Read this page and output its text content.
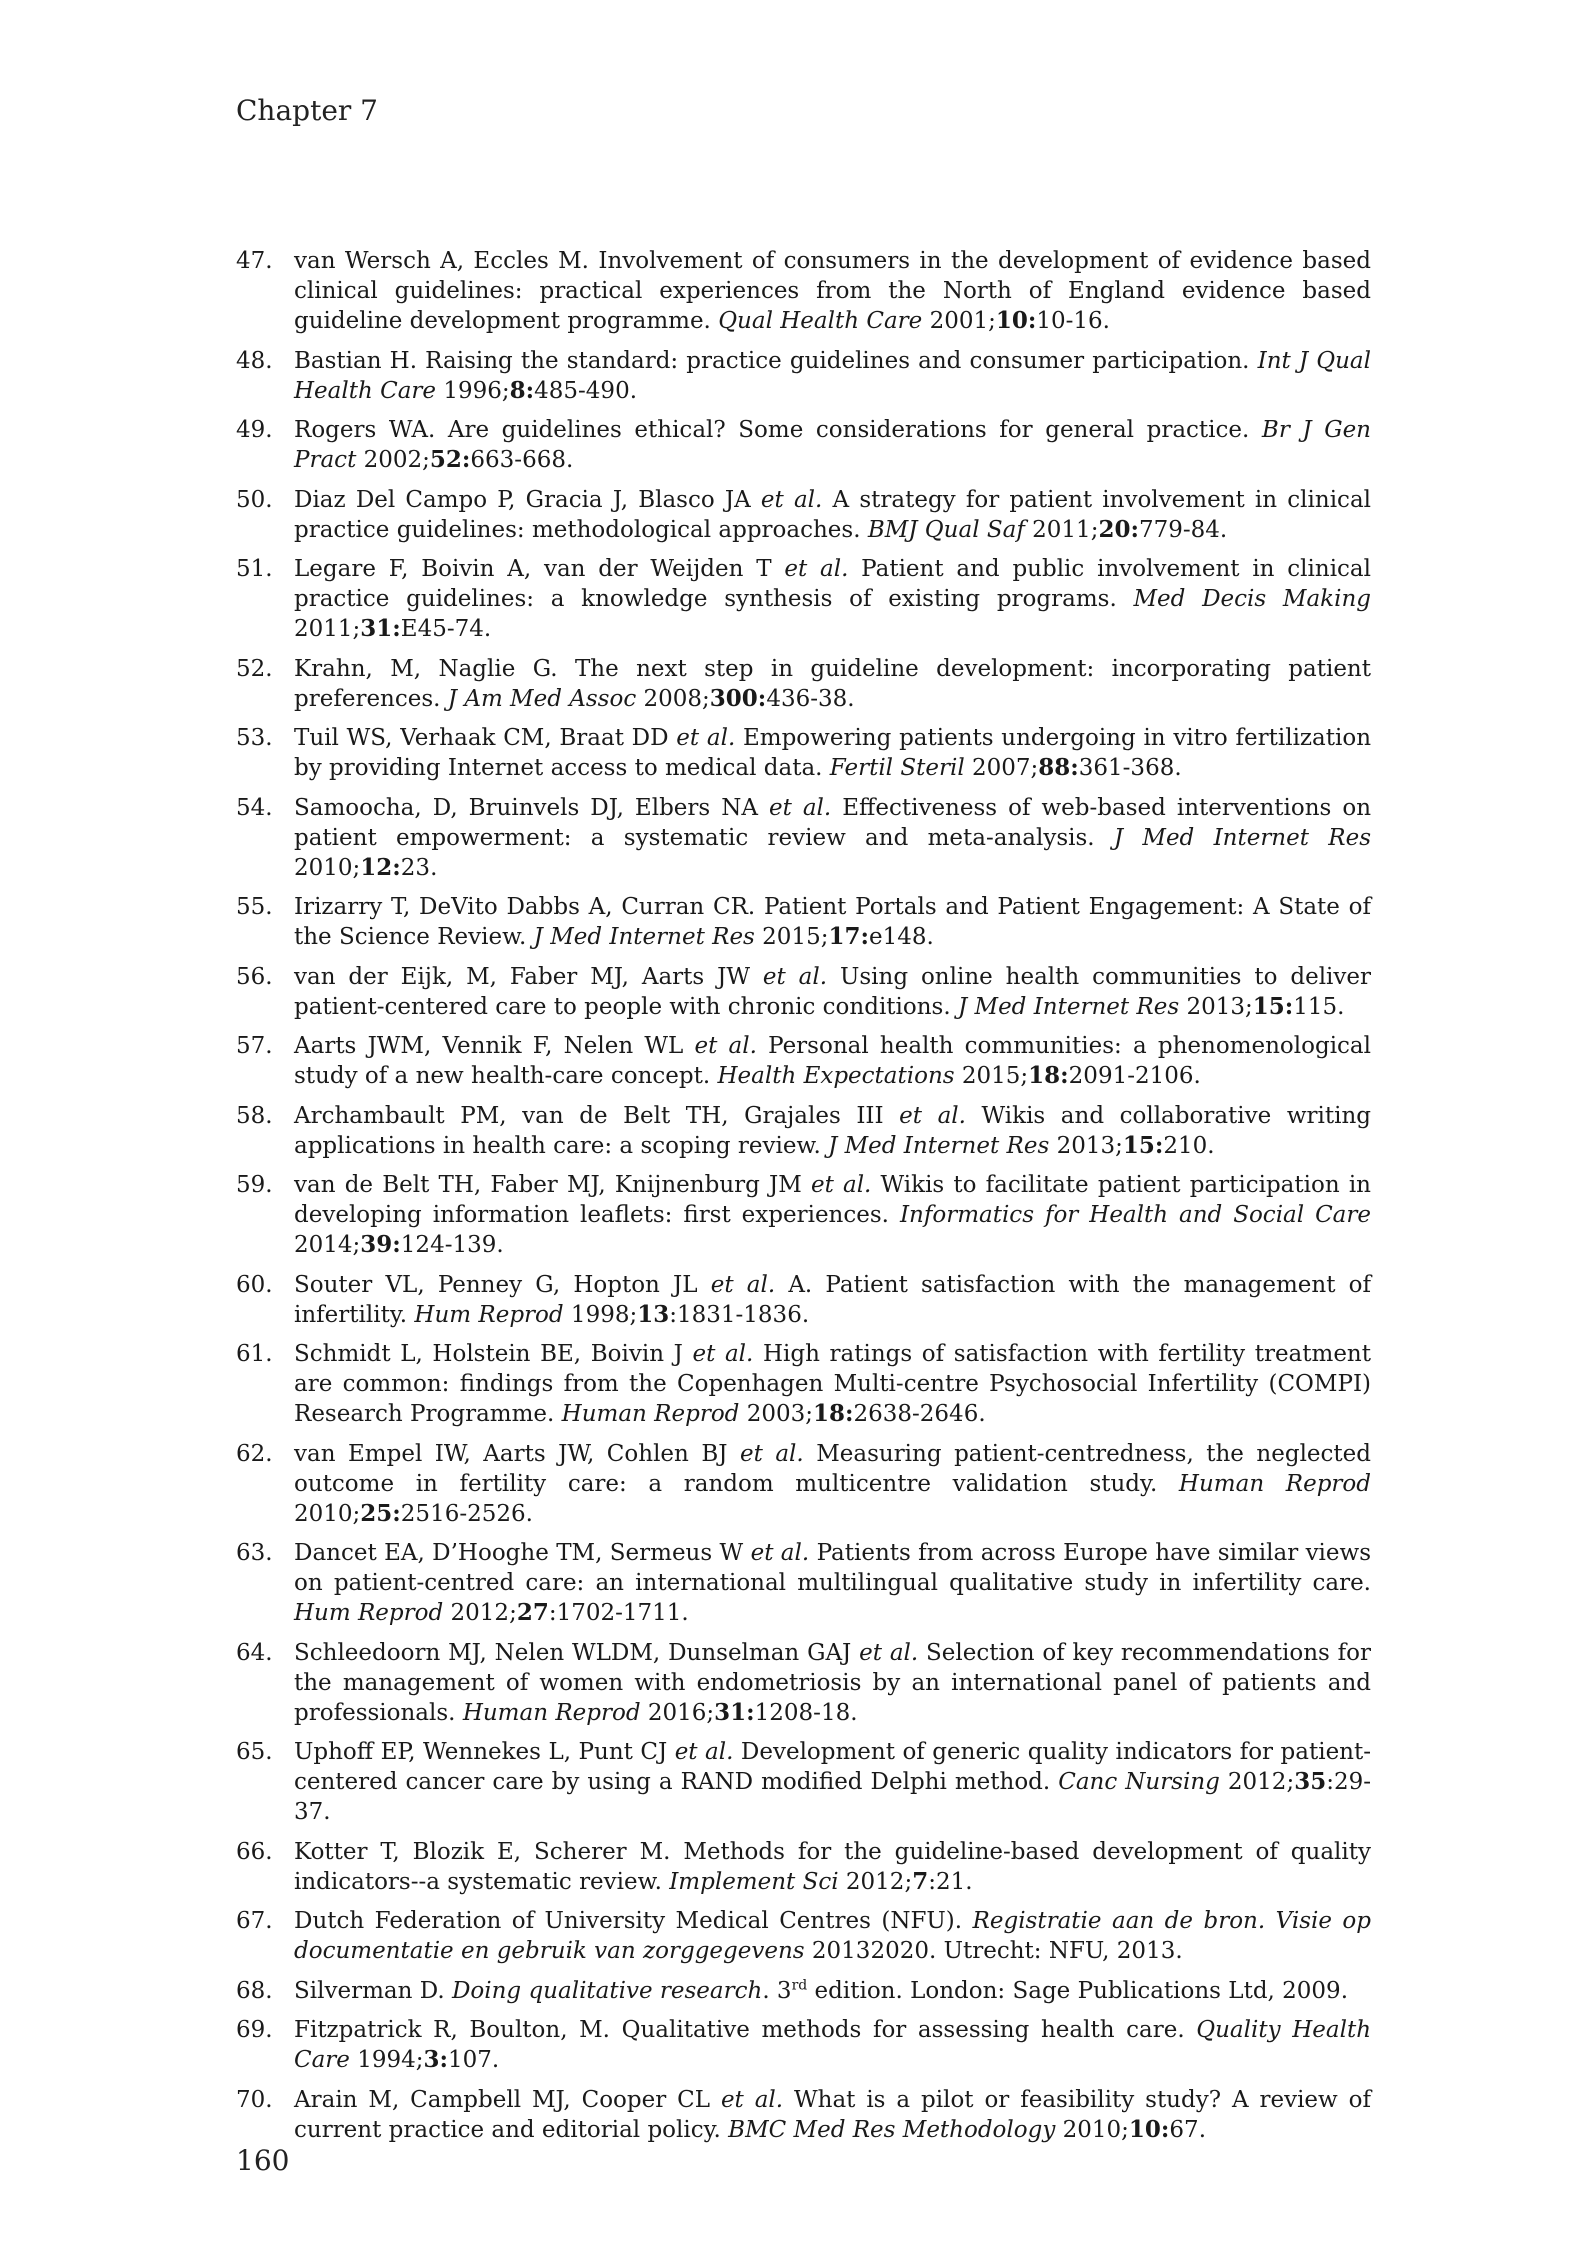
Chapter 7
47. van Wersch A, Eccles M. Involvement of consumers in the development of evidence based clinical guidelines: practical experiences from the North of England evidence based guideline development programme. Qual Health Care 2001;10:10-16.
48. Bastian H. Raising the standard: practice guidelines and consumer participation. Int J Qual Health Care 1996;8:485-490.
49. Rogers WA. Are guidelines ethical? Some considerations for general practice. Br J Gen Pract 2002;52:663-668.
50. Diaz Del Campo P, Gracia J, Blasco JA et al. A strategy for patient involvement in clinical practice guidelines: methodological approaches. BMJ Qual Saf 2011;20:779-84.
51. Legare F, Boivin A, van der Weijden T et al. Patient and public involvement in clinical practice guidelines: a knowledge synthesis of existing programs. Med Decis Making 2011;31:E45-74.
52. Krahn, M, Naglie G. The next step in guideline development: incorporating patient preferences. J Am Med Assoc 2008;300:436-38.
53. Tuil WS, Verhaak CM, Braat DD et al. Empowering patients undergoing in vitro fertilization by providing Internet access to medical data. Fertil Steril 2007;88:361-368.
54. Samoocha, D, Bruinvels DJ, Elbers NA et al. Effectiveness of web-based interventions on patient empowerment: a systematic review and meta-analysis. J Med Internet Res 2010;12:23.
55. Irizarry T, DeVito Dabbs A, Curran CR. Patient Portals and Patient Engagement: A State of the Science Review. J Med Internet Res 2015;17:e148.
56. van der Eijk, M, Faber MJ, Aarts JW et al. Using online health communities to deliver patient-centered care to people with chronic conditions. J Med Internet Res 2013;15:115.
57. Aarts JWM, Vennik F, Nelen WL et al. Personal health communities: a phenomenological study of a new health-care concept. Health Expectations 2015;18:2091-2106.
58. Archambault PM, van de Belt TH, Grajales III et al. Wikis and collaborative writing applications in health care: a scoping review. J Med Internet Res 2013;15:210.
59. van de Belt TH, Faber MJ, Knijnenburg JM et al. Wikis to facilitate patient participation in developing information leaflets: first experiences. Informatics for Health and Social Care 2014;39:124-139.
60. Souter VL, Penney G, Hopton JL et al. A. Patient satisfaction with the management of infertility. Hum Reprod 1998;13:1831-1836.
61. Schmidt L, Holstein BE, Boivin J et al. High ratings of satisfaction with fertility treatment are common: findings from the Copenhagen Multi-centre Psychosocial Infertility (COMPI) Research Programme. Human Reprod 2003;18:2638-2646.
62. van Empel IW, Aarts JW, Cohlen BJ et al. Measuring patient-centredness, the neglected outcome in fertility care: a random multicentre validation study. Human Reprod 2010;25:2516-2526.
63. Dancet EA, D’Hooghe TM, Sermeus W et al. Patients from across Europe have similar views on patient-centred care: an international multilingual qualitative study in infertility care. Hum Reprod 2012;27:1702-1711.
64. Schleedoorn MJ, Nelen WLDM, Dunselman GAJ et al. Selection of key recommendations for the management of women with endometriosis by an international panel of patients and professionals. Human Reprod 2016;31:1208-18.
65. Uphoff EP, Wennekes L, Punt CJ et al. Development of generic quality indicators for patient-centered cancer care by using a RAND modified Delphi method. Canc Nursing 2012;35:29-37.
66. Kotter T, Blozik E, Scherer M. Methods for the guideline-based development of quality indicators--a systematic review. Implement Sci 2012;7:21.
67. Dutch Federation of University Medical Centres (NFU). Registratie aan de bron. Visie op documentatie en gebruik van zorggegevens 20132020. Utrecht: NFU, 2013.
68. Silverman D. Doing qualitative research. 3rd edition. London: Sage Publications Ltd, 2009.
69. Fitzpatrick R, Boulton, M. Qualitative methods for assessing health care. Quality Health Care 1994;3:107.
70. Arain M, Campbell MJ, Cooper CL et al. What is a pilot or feasibility study? A review of current practice and editorial policy. BMC Med Res Methodology 2010;10:67.
160
